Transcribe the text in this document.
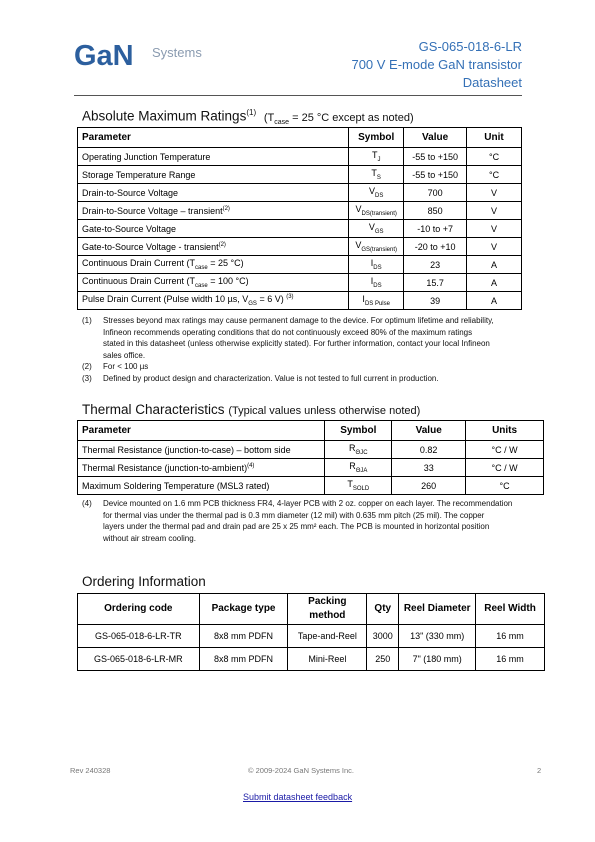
GaN Systems	GS-065-018-6-LR
700 V E-mode GaN transistor
Datasheet
Absolute Maximum Ratings$^{(1)}$ ($T_{case} = 25$ °C except as noted)
Parameter	Symbol	Value	Unit
Operating Junction Temperature	$T_J$	-55 to +150	°C
Storage Temperature Range	$T_S$	-55 to +150	°C
Drain-to-Source Voltage	$V_{DS}$	700	V
Drain-to-Source Voltage – transient$^{(2)}$	$V_{DS(transient)}$	850	V
Gate-to-Source Voltage	$V_{GS}$	-10 to +7	V
Gate-to-Source Voltage - transient$^{(2)}$	$V_{GS(transient)}$	-20 to +10	V
Continuous Drain Current ($T_{case} = 25$ °C)	$I_{DS}$	23	A
Continuous Drain Current ($T_{case} = 100$ °C)	$I_{DS}$	15.7	A
Pulse Drain Current (Pulse width 10 µs, $V_{GS} = 6$ V) $^{(3)}$	$I_{DS Pulse}$	39	A
(1) Stresses beyond max ratings may cause permanent damage to the device. For optimum lifetime and reliability,
Infineon recommends operating conditions that do not continuously exceed 80% of the maximum ratings
stated in this datasheet (unless otherwise explicitly stated). For further information, contact your local Infineon
sales office.
(2) For < 100 µs
(3) Defined by product design and characterization. Value is not tested to full current in production.
Thermal Characteristics (Typical values unless otherwise noted)
Parameter	Symbol	Value	Units
Thermal Resistance (junction-to-case) – bottom side	$R_{\Theta JC}$	0.82	°C / W
Thermal Resistance (junction-to-ambient)$^{(4)}$	$R_{\Theta JA}$	33	°C / W
Maximum Soldering Temperature (MSL3 rated)	$T_{SOLD}$	260	°C
(4) Device mounted on 1.6 mm PCB thickness FR4, 4-layer PCB with 2 oz. copper on each layer. The recommendation
for thermal vias under the thermal pad is 0.3 mm diameter (12 mil) with 0.635 mm pitch (25 mil). The copper
layers under the thermal pad and drain pad are 25 x 25 mm² each. The PCB is mounted in horizontal position
without air stream cooling.
Ordering Information
Ordering code	Package type	Packing method	Qty	Reel Diameter	Reel Width
GS-065-018-6-LR-TR	8x8 mm PDFN	Tape-and-Reel	3000	13" (330 mm)	16 mm
GS-065-018-6-LR-MR	8x8 mm PDFN	Mini-Reel	250	7" (180 mm)	16 mm
Rev 240328	© 2009-2024 GaN Systems Inc.	2
Submit datasheet feedback
